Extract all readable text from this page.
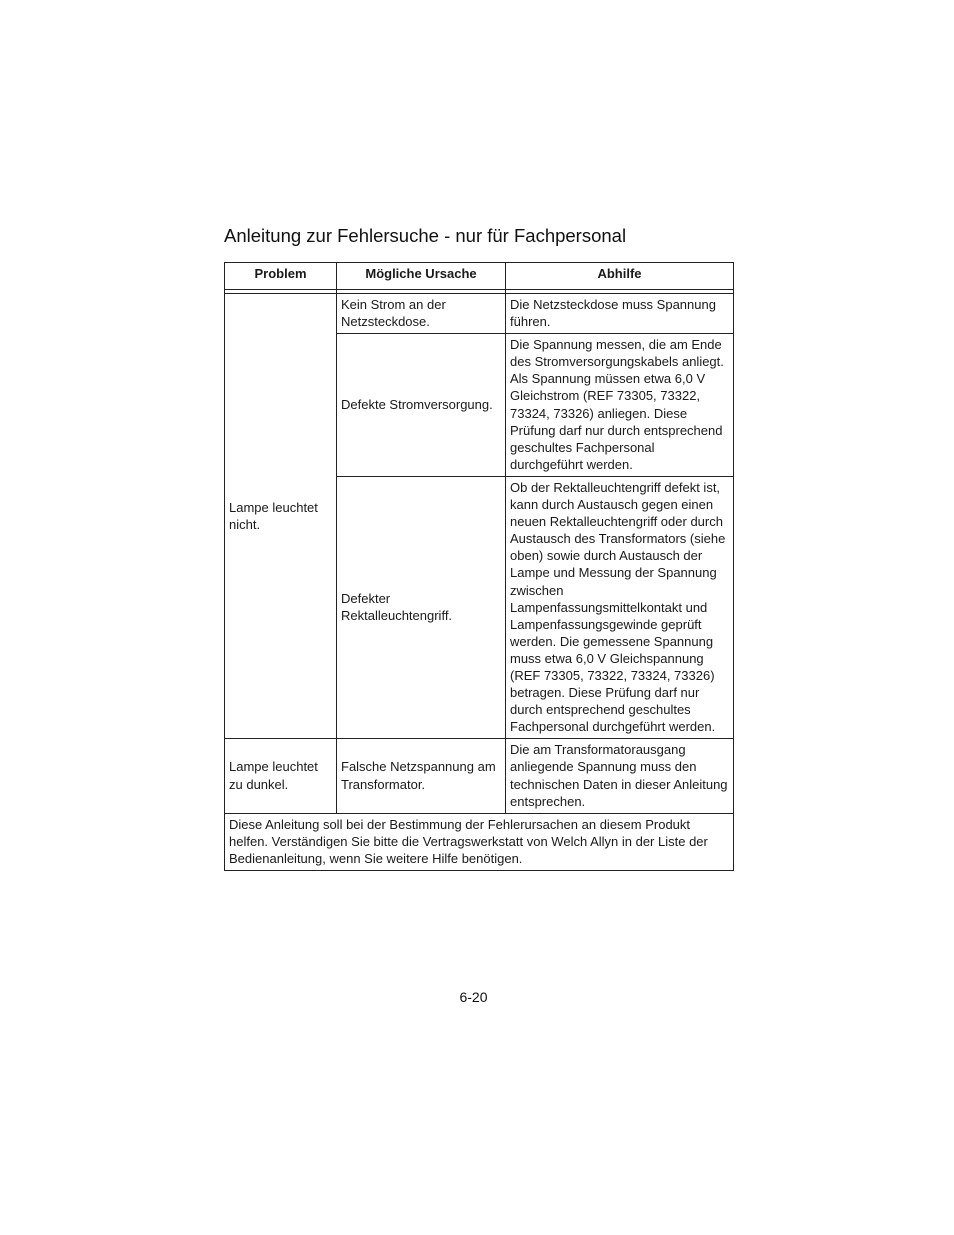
Anleitung zur Fehlersuche - nur für Fachpersonal
Problem	Mögliche Ursache	Abhilfe

Lampe leuchtet nicht.	Kein Strom an der Netzsteckdose.	Die Netzsteckdose muss Spannung führen.
	Defekte Stromversorgung.	Die Spannung messen, die am Ende des Stromversorgungskabels anliegt. Als Spannung müssen etwa 6,0 V Gleichstrom (REF 73305, 73322, 73324, 73326) anliegen. Diese Prüfung darf nur durch entsprechend geschultes Fachpersonal durchgeführt werden.
	Defekter Rektalleuchtengriff.	Ob der Rektalleuchtengriff defekt ist, kann durch Austausch gegen einen neuen Rektalleuchtengriff oder durch Austausch des Transformators (siehe oben) sowie durch Austausch der Lampe und Messung der Spannung zwischen Lampenfassungsmittelkontakt und Lampenfassungsgewinde geprüft werden. Die gemessene Spannung muss etwa 6,0 V Gleichspannung (REF 73305, 73322, 73324, 73326) betragen. Diese Prüfung darf nur durch entsprechend geschultes Fachpersonal durchgeführt werden.
Lampe leuchtet zu dunkel.	Falsche Netzspannung am Transformator.	Die am Transformatorausgang anliegende Spannung muss den technischen Daten in dieser Anleitung entsprechen.
Diese Anleitung soll bei der Bestimmung der Fehlerursachen an diesem Produkt helfen. Verständigen Sie bitte die Vertragswerkstatt von Welch Allyn in der Liste der Bedienanleitung, wenn Sie weitere Hilfe benötigen.		
6-20
